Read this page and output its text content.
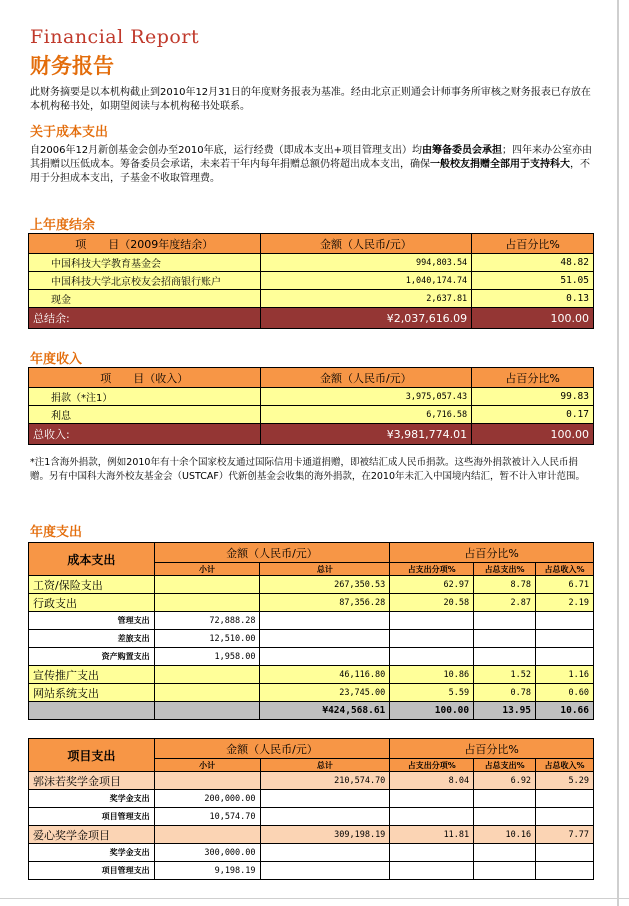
Financial Report
财务报告
此财务摘要是以本机构截止到2010年12月31日的年度财务报表为基准。经由北京正则通会计师事务所审核之财务报表已存放在本机构秘书处，如期望阅读与本机构秘书处联系。
关于成本支出
自2006年12月新创基金会创办至2010年底，运行经费（即成本支出+项目管理支出）均由筹备委员会承担；四年来办公室亦由其捐赠以压低成本。筹备委员会承诺，未来若干年内每年捐赠总额仍将超出成本支出，确保一般校友捐赠全部用于支持科大，不用于分担成本支出，子基金不收取管理费。
上年度结余
项　　目（2009年度结余）	金额（人民币/元）	占百分比%
中国科技大学教育基金会	994,803.54	48.82
中国科技大学北京校友会招商银行账户	1,040,174.74	51.05
现金	2,637.81	0.13
总结余:	¥2,037,616.09	100.00
年度收入
项　　目（收入）	金额（人民币/元）	占百分比%
捐款（*注1）	3,975,057.43	99.83
利息	6,716.58	0.17
总收入:	¥3,981,774.01	100.00
*注1含海外捐款，例如2010年有十余个国家校友通过国际信用卡通道捐赠，即被结汇成人民币捐款。这些海外捐款被计入人民币捐赠。另有中国科大海外校友基金会（USTCAF）代新创基金会收集的海外捐款，在2010年未汇入中国境内结汇，暂不计入审计范围。
年度支出
成本支出	金额（人民币/元）		占百分比%		
	小计	总计	占支出分项%	占总支出%	占总收入%
工资/保险支出		267,350.53	62.97	8.78	6.71
行政支出		87,356.28	20.58	2.87	2.19
管理支出	72,888.28				
差旅支出	12,510.00				
资产购置支出	1,958.00				
宣传推广支出		46,116.80	10.86	1.52	1.16
网站系统支出		23,745.00	5.59	0.78	0.60
		¥424,568.61	100.00	13.95	10.66
项目支出	金额（人民币/元）		占百分比%		
	小计	总计	占支出分项%	占总支出%	占总收入%
郭沫若奖学金项目		210,574.70	8.04	6.92	5.29
奖学金支出	200,000.00				
项目管理支出	10,574.70				
爱心奖学金项目		309,198.19	11.81	10.16	7.77
奖学金支出	300,000.00				
项目管理支出	9,198.19				
